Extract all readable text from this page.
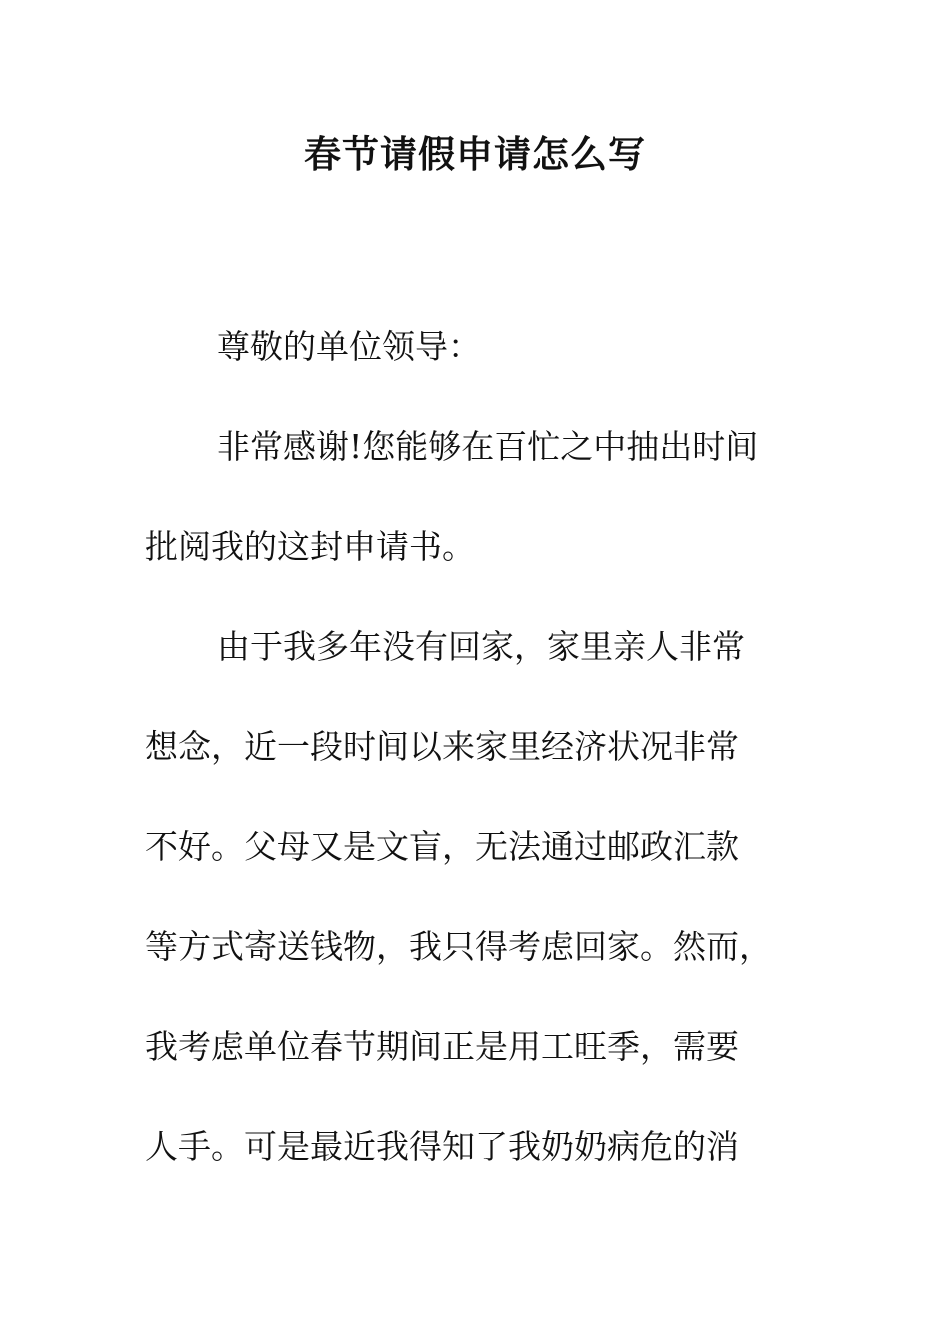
春节请假申请怎么写

尊敬的单位领导：

非常感谢!您能够在百忙之中抽出时间

批阅我的这封申请书。

由于我多年没有回家，家里亲人非常

想念，近一段时间以来家里经济状况非常

不好。父母又是文盲，无法通过邮政汇款

等方式寄送钱物，我只得考虑回家。然而，

我考虑单位春节期间正是用工旺季，需要

人手。可是最近我得知了我奶奶病危的消
